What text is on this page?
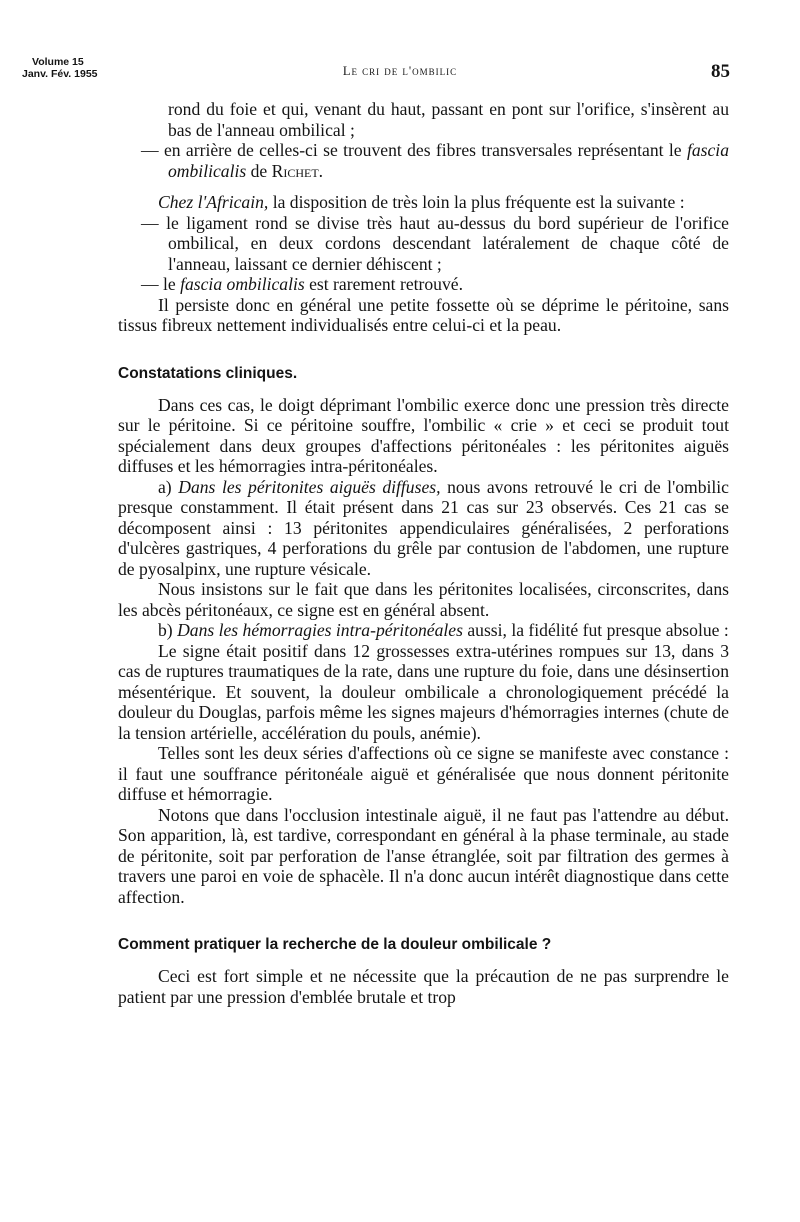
Volume 15
Janv. Fév. 1955	Le cri de l'ombilic	85

rond du foie et qui, venant du haut, passant en pont sur l'orifice, s'insèrent au bas de l'anneau ombilical ;

— en arrière de celles-ci se trouvent des fibres transversales représentant le fascia ombilicalis de Richet.

Chez l'Africain, la disposition de très loin la plus fréquente est la suivante :

— le ligament rond se divise très haut au-dessus du bord supérieur de l'orifice ombilical, en deux cordons descendant latéralement de chaque côté de l'anneau, laissant ce dernier déhiscent ;

— le fascia ombilicalis est rarement retrouvé.

Il persiste donc en général une petite fossette où se déprime le péritoine, sans tissus fibreux nettement individualisés entre celui-ci et la peau.

Constatations cliniques.

Dans ces cas, le doigt déprimant l'ombilic exerce donc une pression très directe sur le péritoine. Si ce péritoine souffre, l'ombilic « crie » et ceci se produit tout spécialement dans deux groupes d'affections péritonéales : les péritonites aiguës diffuses et les hémorragies intra-péritonéales.

a) Dans les péritonites aiguës diffuses, nous avons retrouvé le cri de l'ombilic presque constamment. Il était présent dans 21 cas sur 23 observés. Ces 21 cas se décomposent ainsi : 13 péritonites appendiculaires généralisées, 2 perforations d'ulcères gastriques, 4 perforations du grêle par contusion de l'abdomen, une rupture de pyosalpinx, une rupture vésicale.

Nous insistons sur le fait que dans les péritonites localisées, circonscrites, dans les abcès péritonéaux, ce signe est en général absent.

b) Dans les hémorragies intra-péritonéales aussi, la fidélité fut presque absolue :

Le signe était positif dans 12 grossesses extra-utérines rompues sur 13, dans 3 cas de ruptures traumatiques de la rate, dans une rupture du foie, dans une désinsertion mésentérique. Et souvent, la douleur ombilicale a chronologiquement précédé la douleur du Douglas, parfois même les signes majeurs d'hémorragies internes (chute de la tension artérielle, accélération du pouls, anémie).

Telles sont les deux séries d'affections où ce signe se manifeste avec constance : il faut une souffrance péritonéale aiguë et généralisée que nous donnent péritonite diffuse et hémorragie.

Notons que dans l'occlusion intestinale aiguë, il ne faut pas l'attendre au début. Son apparition, là, est tardive, correspondant en général à la phase terminale, au stade de péritonite, soit par perforation de l'anse étranglée, soit par filtration des germes à travers une paroi en voie de sphacèle. Il n'a donc aucun intérêt diagnostique dans cette affection.

Comment pratiquer la recherche de la douleur ombilicale ?

Ceci est fort simple et ne nécessite que la précaution de ne pas surprendre le patient par une pression d'emblée brutale et trop
